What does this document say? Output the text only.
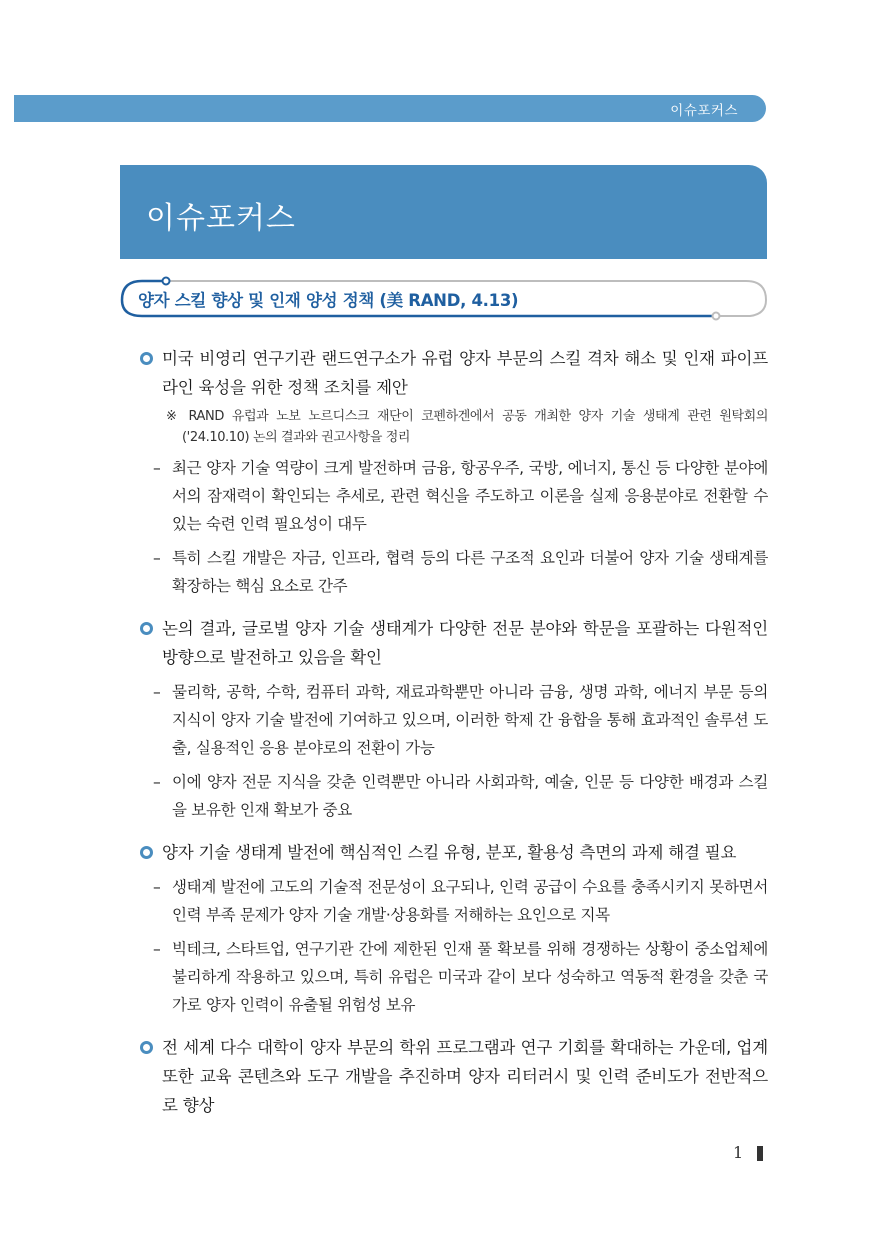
이슈포커스
이슈포커스
양자 스킬 향상 및 인재 양성 정책 (美 RAND, 4.13)
미국 비영리 연구기관 랜드연구소가 유럽 양자 부문의 스킬 격차 해소 및 인재 파이프라인 육성을 위한 정책 조치를 제안
※ RAND 유럽과 노보 노르디스크 재단이 코펜하겐에서 공동 개최한 양자 기술 생태계 관련 원탁회의('24.10.10) 논의 결과와 권고사항을 정리
– 최근 양자 기술 역량이 크게 발전하며 금융, 항공우주, 국방, 에너지, 통신 등 다양한 분야에서의 잠재력이 확인되는 추세로, 관련 혁신을 주도하고 이론을 실제 응용분야로 전환할 수 있는 숙련 인력 필요성이 대두
– 특히 스킬 개발은 자금, 인프라, 협력 등의 다른 구조적 요인과 더불어 양자 기술 생태계를 확장하는 핵심 요소로 간주
논의 결과, 글로벌 양자 기술 생태계가 다양한 전문 분야와 학문을 포괄하는 다원적인 방향으로 발전하고 있음을 확인
– 물리학, 공학, 수학, 컴퓨터 과학, 재료과학뿐만 아니라 금융, 생명 과학, 에너지 부문 등의 지식이 양자 기술 발전에 기여하고 있으며, 이러한 학제 간 융합을 통해 효과적인 솔루션 도출, 실용적인 응용 분야로의 전환이 가능
– 이에 양자 전문 지식을 갖춘 인력뿐만 아니라 사회과학, 예술, 인문 등 다양한 배경과 스킬을 보유한 인재 확보가 중요
양자 기술 생태계 발전에 핵심적인 스킬 유형, 분포, 활용성 측면의 과제 해결 필요
– 생태계 발전에 고도의 기술적 전문성이 요구되나, 인력 공급이 수요를 충족시키지 못하면서 인력 부족 문제가 양자 기술 개발·상용화를 저해하는 요인으로 지목
– 빅테크, 스타트업, 연구기관 간에 제한된 인재 풀 확보를 위해 경쟁하는 상황이 중소업체에 불리하게 작용하고 있으며, 특히 유럽은 미국과 같이 보다 성숙하고 역동적 환경을 갖춘 국가로 양자 인력이 유출될 위험성 보유
전 세계 다수 대학이 양자 부문의 학위 프로그램과 연구 기회를 확대하는 가운데, 업계 또한 교육 콘텐츠와 도구 개발을 추진하며 양자 리터러시 및 인력 준비도가 전반적으로 향상
1
